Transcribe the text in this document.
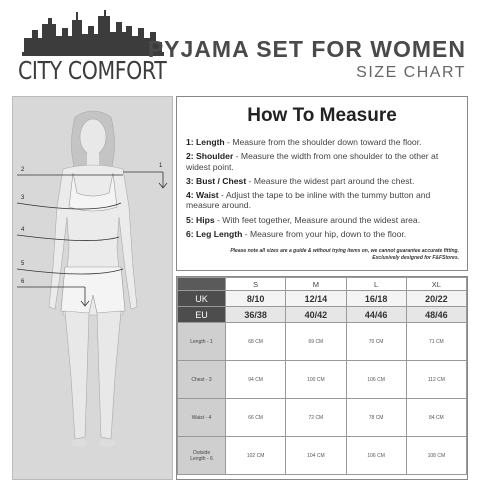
CITY COMFORT
PYJAMA SET FOR WOMEN
SIZE CHART
1
2
3
4
5
6
How To Measure
1: Length - Measure from the shoulder down toward the floor.
2: Shoulder - Measure the width from one shoulder to the other at widest point.
3: Bust / Chest - Measure the widest part around the chest.
4: Waist - Adjust the tape to be inline with the tummy button and measure around.
5: Hips - With feet together, Measure around the widest area.
6: Leg Length - Measure from your hip, down to the floor.
Please note all sizes are a guide & without trying items on, we cannot guarantee accurate fitting.
Exclusively designed for F&FStores.
	S	M	L	XL
UK	8/10	12/14	16/18	20/22
EU	36/38	40/42	44/46	48/46
Length - 1	68 CM	69 CM	70 CM	71 CM
Chest - 3	94 CM	100 CM	106 CM	112 CM
Waist - 4	66 CM	72 CM	78 CM	84 CM

Outside
Length - 6	102 CM	104 CM	106 CM	108 CM
